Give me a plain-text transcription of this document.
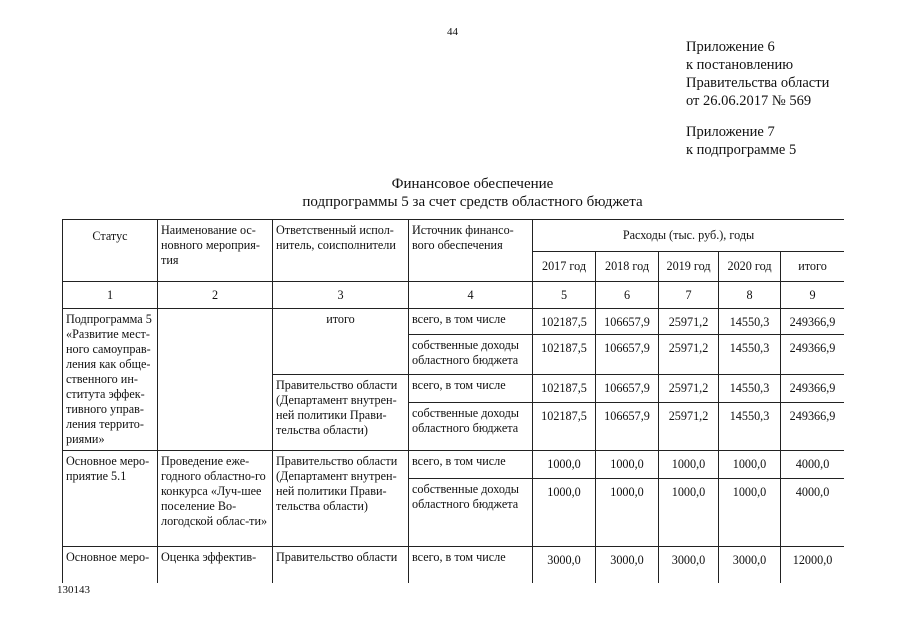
44
Приложение 6
к постановлению
Правительства области
от 26.06.2017 № 569
Приложение 7
к подпрограмме 5
Финансовое обеспечение
подпрограммы 5 за счет средств областного бюджета
Статус	Наименование ос-новного мероприя-тия	Ответственный испол-нитель, соисполнители	Источник финансо-вого обеспечения	Расходы (тыс. руб.), годы				
				2017 год	2018 год	2019 год	2020 год	итого
1	2	3	4	5	6	7	8	9
Подпрограмма 5 «Развитие мест-ного самоуправ-ления как обще-ственного ин-ститута эффек-тивного управ-ления террито-риями»		итого	всего, в том числе	102187,5	106657,9	25971,2	14550,3	249366,9
			собственные доходы областного бюджета	102187,5	106657,9	25971,2	14550,3	249366,9
		Правительство области (Департамент внутрен-ней политики Прави-тельства области)	всего, в том числе	102187,5	106657,9	25971,2	14550,3	249366,9
			собственные доходы областного бюджета	102187,5	106657,9	25971,2	14550,3	249366,9
Основное меро-приятие 5.1	Проведение еже-годного областно-го конкурса «Луч-шее поселение Во-логодской облас-ти»	Правительство области (Департамент внутрен-ней политики Прави-тельства области)	всего, в том числе	1000,0	1000,0	1000,0	1000,0	4000,0
			собственные доходы областного бюджета	1000,0	1000,0	1000,0	1000,0	4000,0
Основное меро-	Оценка эффектив-	Правительство области	всего, в том числе	3000,0	3000,0	3000,0	3000,0	12000,0
130143
